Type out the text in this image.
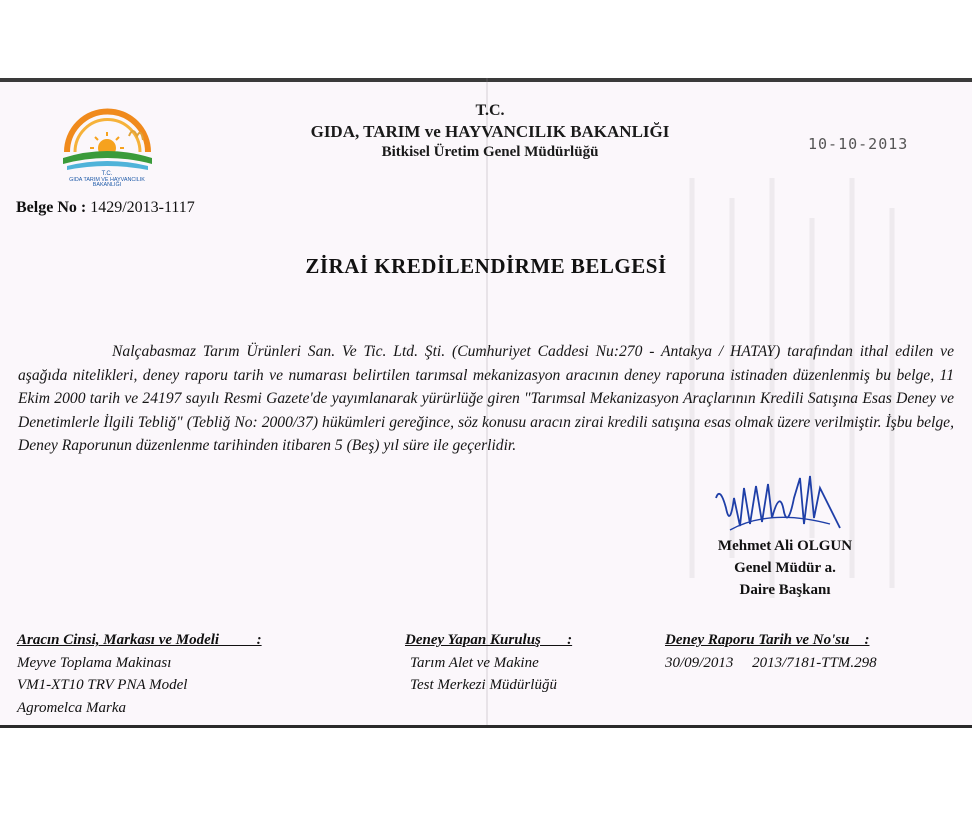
T.C.
GIDA TARIM VE HAYVANCILIK
BAKANLIĞI
T.C.
GIDA, TARIM ve HAYVANCILIK BAKANLIĞI
Bitkisel Üretim Genel Müdürlüğü	10-10-2013
Belge No : 1429/2013-1117
ZİRAİ KREDİLENDİRME BELGESİ

Nalçabasmaz Tarım Ürünleri San. Ve Tic. Ltd. Şti. (Cumhuriyet Caddesi Nu:270 - Antakya / HATAY) tarafından ithal edilen ve aşağıda nitelikleri, deney raporu tarih ve numarası belirtilen tarımsal mekanizasyon aracının deney raporuna istinaden düzenlenmiş bu belge, 11 Ekim 2000 tarih ve 24197 sayılı Resmi Gazete'de yayımlanarak yürürlüğe giren "Tarımsal Mekanizasyon Araçlarının Kredili Satışına Esas Deney ve Denetimlerle İlgili Tebliğ" (Tebliğ No: 2000/37) hükümleri gereğince, söz konusu aracın zirai kredili satışına esas olmak üzere verilmiştir. İşbu belge, Deney Raporunun düzenlenme tarihinden itibaren 5 (Beş) yıl süre ile geçerlidir.

Mehmet Ali OLGUN
Genel Müdür a.
Daire Başkanı
Aracın Cinsi, Markası ve Modeli          :
Meyve Toplama Makinası
VM1-XT10 TRV PNA Model
Agromelca Marka
Deney Yapan Kuruluş       :
Tarım Alet ve Makine
Test Merkezi Müdürlüğü
Deney Raporu Tarih ve No'su    :
30/09/2013     2013/7181-TTM.298
